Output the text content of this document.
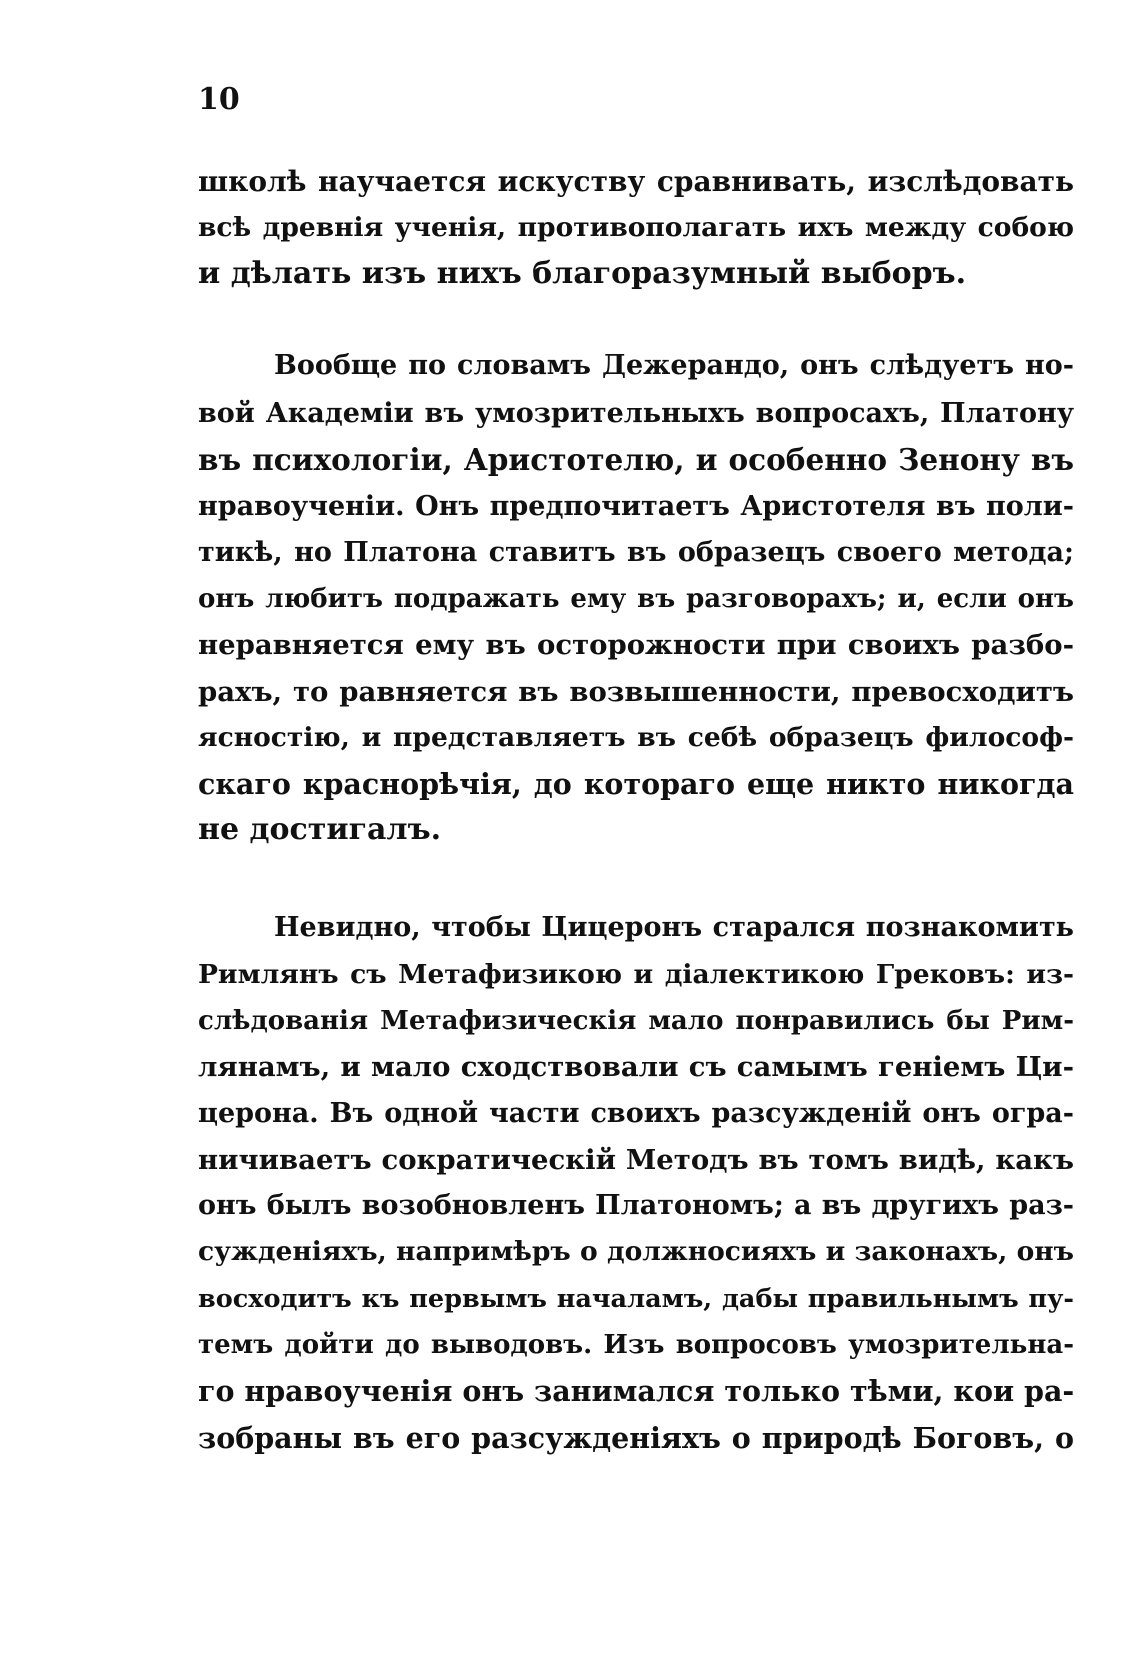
10
школѣ научается искуству сравнивать, изслѣдовать
всѣ древнія ученія, противополагать ихъ между собою
и дѣлать изъ нихъ благоразумный выборъ.
Вообще по словамъ Дежерандо, онъ слѣдуетъ но-
вой Академіи въ умозрительныхъ вопросахъ, Платону
въ психологіи, Аристотелю, и особенно Зенону въ
нравоученіи. Онъ предпочитаетъ Аристотеля въ поли-
тикѣ, но Платона ставитъ въ образецъ своего метода;
онъ любитъ подражать ему въ разговорахъ; и, если онъ
неравняется ему въ осторожности при своихъ разбо-
рахъ, то равняется въ возвышенности, превосходитъ
ясностію, и представляетъ въ себѣ образецъ философ-
скаго краснорѣчія, до котораго еще никто никогда
не достигалъ.
Невидно, чтобы Цицеронъ старался познакомить
Римлянъ съ Метафизикою и діалектикою Грековъ: из-
слѣдованія Метафизическія мало понравились бы Рим-
лянамъ, и мало сходствовали съ самымъ геніемъ Ци-
церона. Въ одной части своихъ разсужденій онъ огра-
ничиваетъ сократическій Методъ въ томъ видѣ, какъ
онъ былъ возобновленъ Платономъ; а въ другихъ раз-
сужденіяхъ, напримѣръ о должносияхъ и законахъ, онъ
восходитъ къ первымъ началамъ, дабы правильнымъ пу-
темъ дойти до выводовъ. Изъ вопросовъ умозрительна-
го нравоученія онъ занимался только тѣми, кои ра-
зобраны въ его разсужденіяхъ о природѣ Боговъ, о
